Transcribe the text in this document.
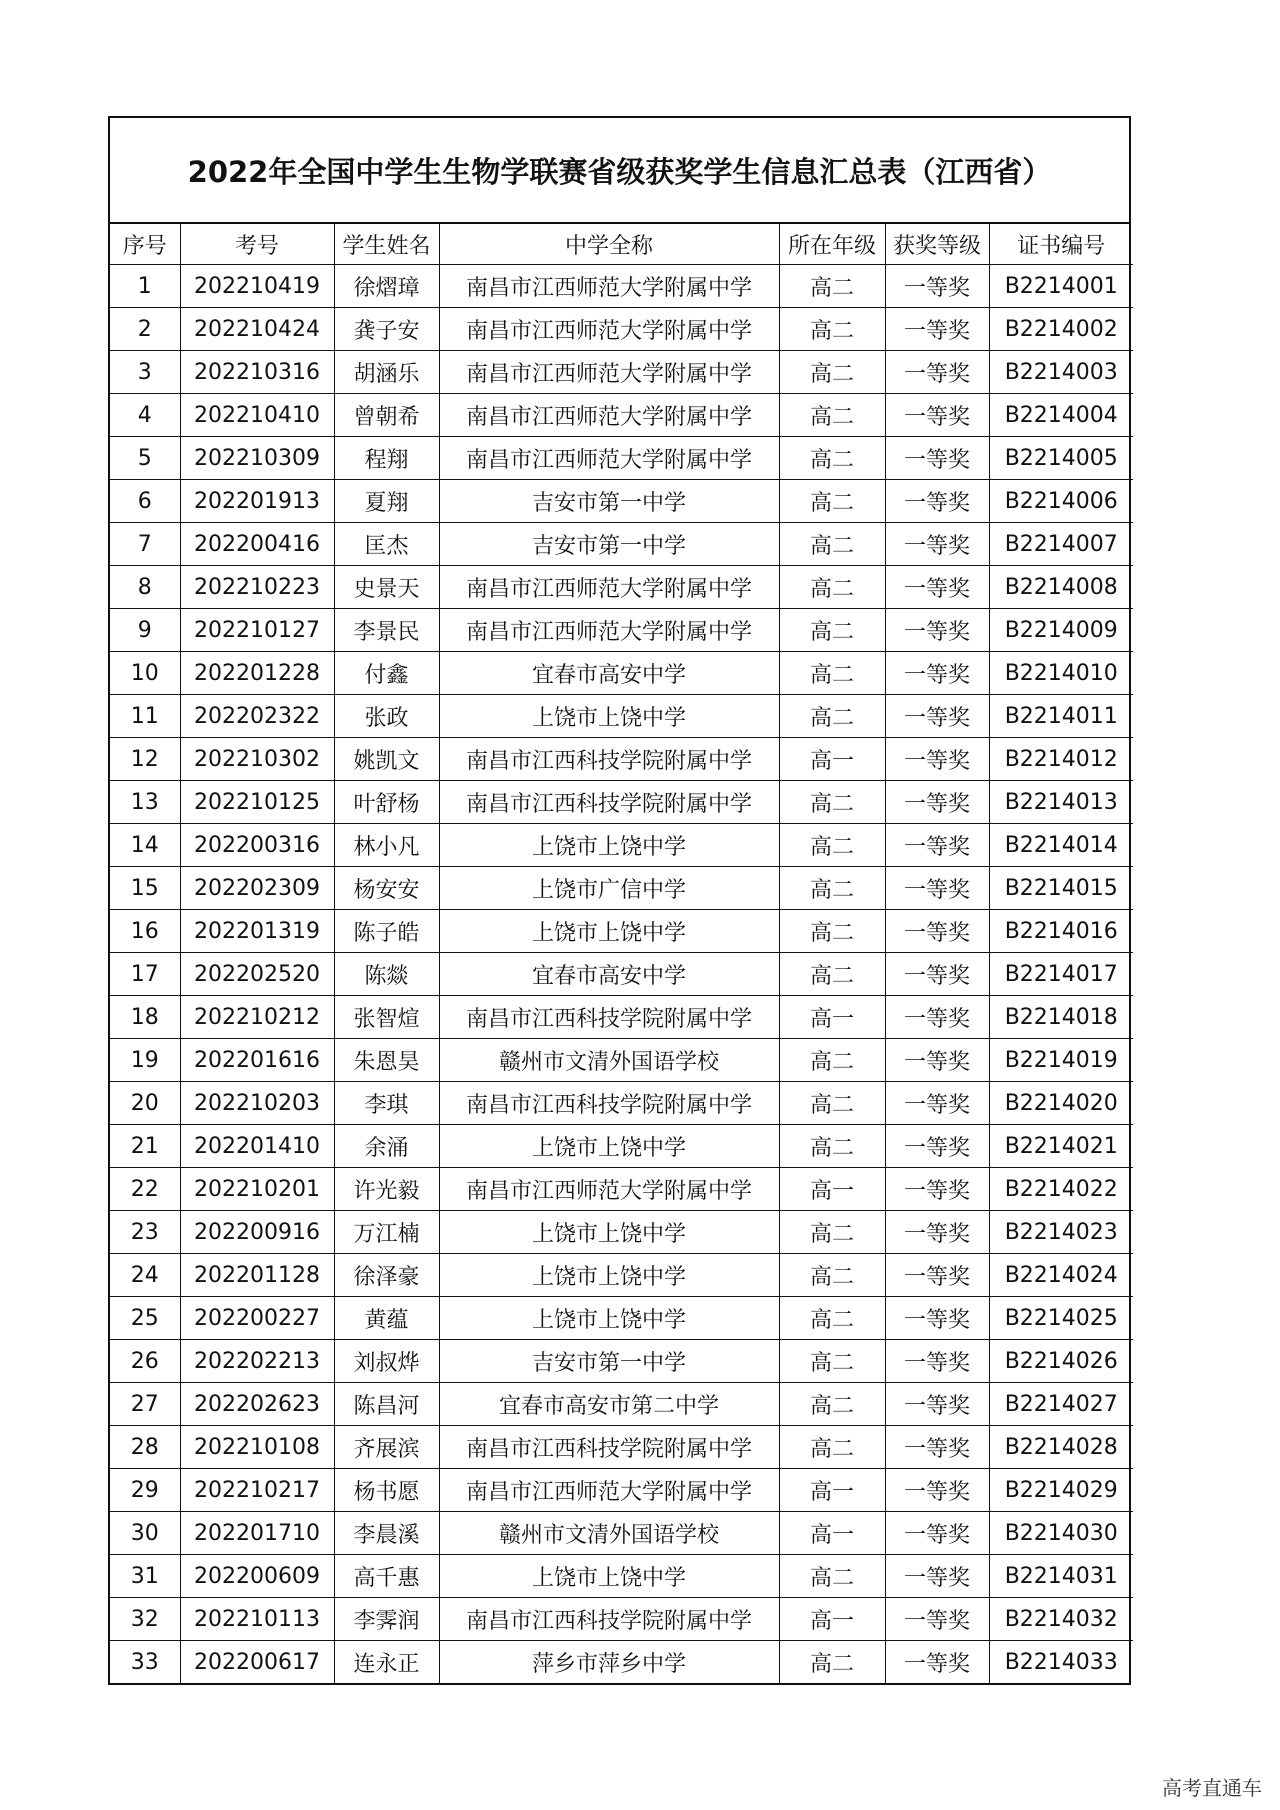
2022年全国中学生生物学联赛省级获奖学生信息汇总表（江西省）
序号	考号	学生姓名	中学全称	所在年级	获奖等级	证书编号
1	202210419	徐熠璋	南昌市江西师范大学附属中学	高二	一等奖	B2214001
2	202210424	龚子安	南昌市江西师范大学附属中学	高二	一等奖	B2214002
3	202210316	胡涵乐	南昌市江西师范大学附属中学	高二	一等奖	B2214003
4	202210410	曾朝希	南昌市江西师范大学附属中学	高二	一等奖	B2214004
5	202210309	程翔	南昌市江西师范大学附属中学	高二	一等奖	B2214005
6	202201913	夏翔	吉安市第一中学	高二	一等奖	B2214006
7	202200416	匡杰	吉安市第一中学	高二	一等奖	B2214007
8	202210223	史景天	南昌市江西师范大学附属中学	高二	一等奖	B2214008
9	202210127	李景民	南昌市江西师范大学附属中学	高二	一等奖	B2214009
10	202201228	付鑫	宜春市高安中学	高二	一等奖	B2214010
11	202202322	张政	上饶市上饶中学	高二	一等奖	B2214011
12	202210302	姚凯文	南昌市江西科技学院附属中学	高一	一等奖	B2214012
13	202210125	叶舒杨	南昌市江西科技学院附属中学	高二	一等奖	B2214013
14	202200316	林小凡	上饶市上饶中学	高二	一等奖	B2214014
15	202202309	杨安安	上饶市广信中学	高二	一等奖	B2214015
16	202201319	陈子皓	上饶市上饶中学	高二	一等奖	B2214016
17	202202520	陈燚	宜春市高安中学	高二	一等奖	B2214017
18	202210212	张智煊	南昌市江西科技学院附属中学	高一	一等奖	B2214018
19	202201616	朱恩昊	赣州市文清外国语学校	高二	一等奖	B2214019
20	202210203	李琪	南昌市江西科技学院附属中学	高二	一等奖	B2214020
21	202201410	余涌	上饶市上饶中学	高二	一等奖	B2214021
22	202210201	许光毅	南昌市江西师范大学附属中学	高一	一等奖	B2214022
23	202200916	万江楠	上饶市上饶中学	高二	一等奖	B2214023
24	202201128	徐泽豪	上饶市上饶中学	高二	一等奖	B2214024
25	202200227	黄蕴	上饶市上饶中学	高二	一等奖	B2214025
26	202202213	刘叔烨	吉安市第一中学	高二	一等奖	B2214026
27	202202623	陈昌河	宜春市高安市第二中学	高二	一等奖	B2214027
28	202210108	齐展滨	南昌市江西科技学院附属中学	高二	一等奖	B2214028
29	202210217	杨书愿	南昌市江西师范大学附属中学	高一	一等奖	B2214029
30	202201710	李晨溪	赣州市文清外国语学校	高一	一等奖	B2214030
31	202200609	高千惠	上饶市上饶中学	高二	一等奖	B2214031
32	202210113	李霁润	南昌市江西科技学院附属中学	高一	一等奖	B2214032
33	202200617	连永正	萍乡市萍乡中学	高二	一等奖	B2214033
高考直通车
